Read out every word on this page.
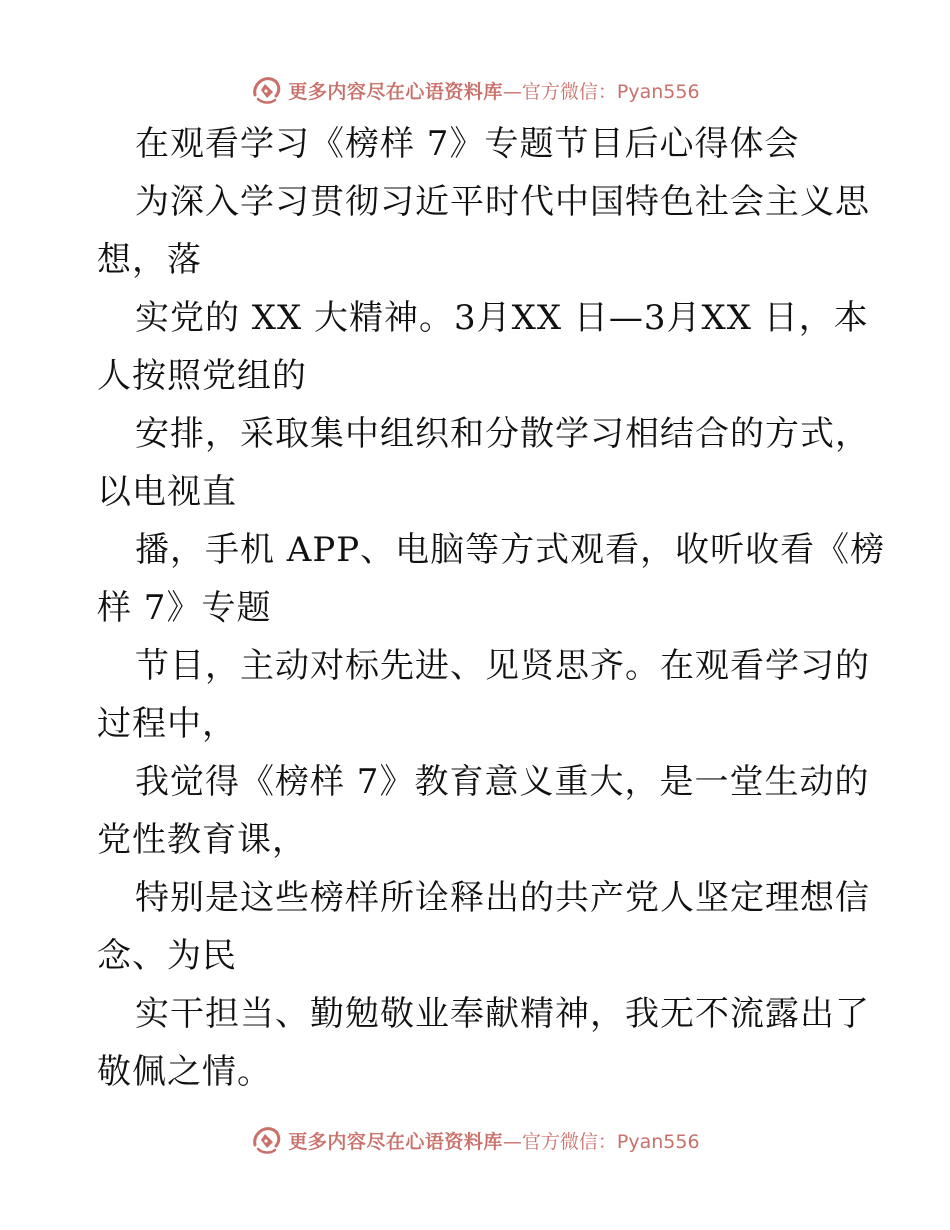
更多内容尽在心语资料库 —官方微信：Pyan556
在观看学习《榜样 7》专题节目后心得体会
为深入学习贯彻习近平时代中国特色社会主义思
想，落
实党的 XX 大精神。3月XX 日—3月XX 日，本
人按照党组的
安排，采取集中组织和分散学习相结合的方式，
以电视直
播，手机 APP、电脑等方式观看，收听收看《榜
样 7》专题
节目，主动对标先进、见贤思齐。在观看学习的
过程中，
我觉得《榜样 7》教育意义重大，是一堂生动的
党性教育课，
特别是这些榜样所诠释出的共产党人坚定理想信
念、为民
实干担当、勤勉敬业奉献精神，我无不流露出了
敬佩之情。
更多内容尽在心语资料库 —官方微信：Pyan556
